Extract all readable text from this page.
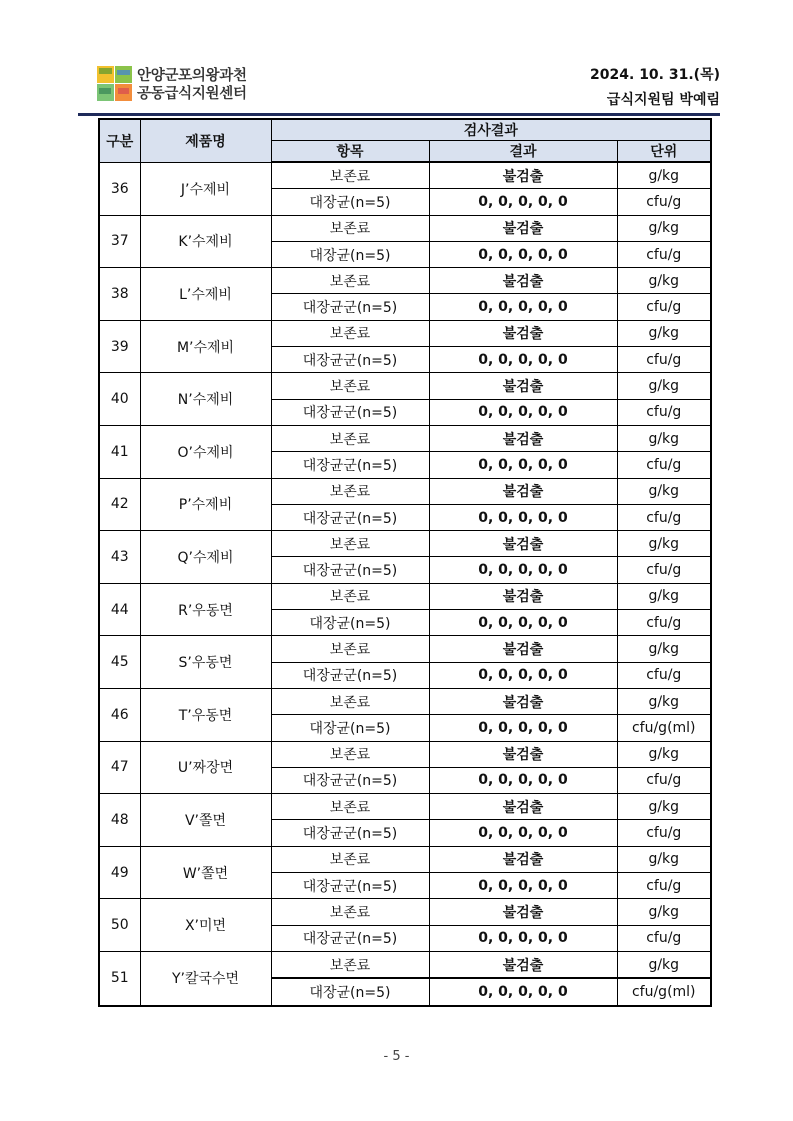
안양군포의왕과천
공동급식지원센터
2024. 10. 31.(목)
급식지원팀 박예림
구분	제품명	검사결과		
		항목	결과	단위
36	J’수제비	보존료	불검출	g/kg
		대장균(n=5)	0, 0, 0, 0, 0	cfu/g
37	K’수제비	보존료	불검출	g/kg
		대장균(n=5)	0, 0, 0, 0, 0	cfu/g
38	L’수제비	보존료	불검출	g/kg
		대장균군(n=5)	0, 0, 0, 0, 0	cfu/g
39	M’수제비	보존료	불검출	g/kg
		대장균군(n=5)	0, 0, 0, 0, 0	cfu/g
40	N’수제비	보존료	불검출	g/kg
		대장균군(n=5)	0, 0, 0, 0, 0	cfu/g
41	O’수제비	보존료	불검출	g/kg
		대장균군(n=5)	0, 0, 0, 0, 0	cfu/g
42	P’수제비	보존료	불검출	g/kg
		대장균군(n=5)	0, 0, 0, 0, 0	cfu/g
43	Q’수제비	보존료	불검출	g/kg
		대장균군(n=5)	0, 0, 0, 0, 0	cfu/g
44	R’우동면	보존료	불검출	g/kg
		대장균(n=5)	0, 0, 0, 0, 0	cfu/g
45	S’우동면	보존료	불검출	g/kg
		대장균군(n=5)	0, 0, 0, 0, 0	cfu/g
46	T’우동면	보존료	불검출	g/kg
		대장균(n=5)	0, 0, 0, 0, 0	cfu/g(ml)
47	U’짜장면	보존료	불검출	g/kg
		대장균군(n=5)	0, 0, 0, 0, 0	cfu/g
48	V’쫄면	보존료	불검출	g/kg
		대장균군(n=5)	0, 0, 0, 0, 0	cfu/g
49	W’쫄면	보존료	불검출	g/kg
		대장균군(n=5)	0, 0, 0, 0, 0	cfu/g
50	X’미면	보존료	불검출	g/kg
		대장균군(n=5)	0, 0, 0, 0, 0	cfu/g
51	Y’칼국수면	보존료	불검출	g/kg
		대장균(n=5)	0, 0, 0, 0, 0	cfu/g(ml)
- 5 -
